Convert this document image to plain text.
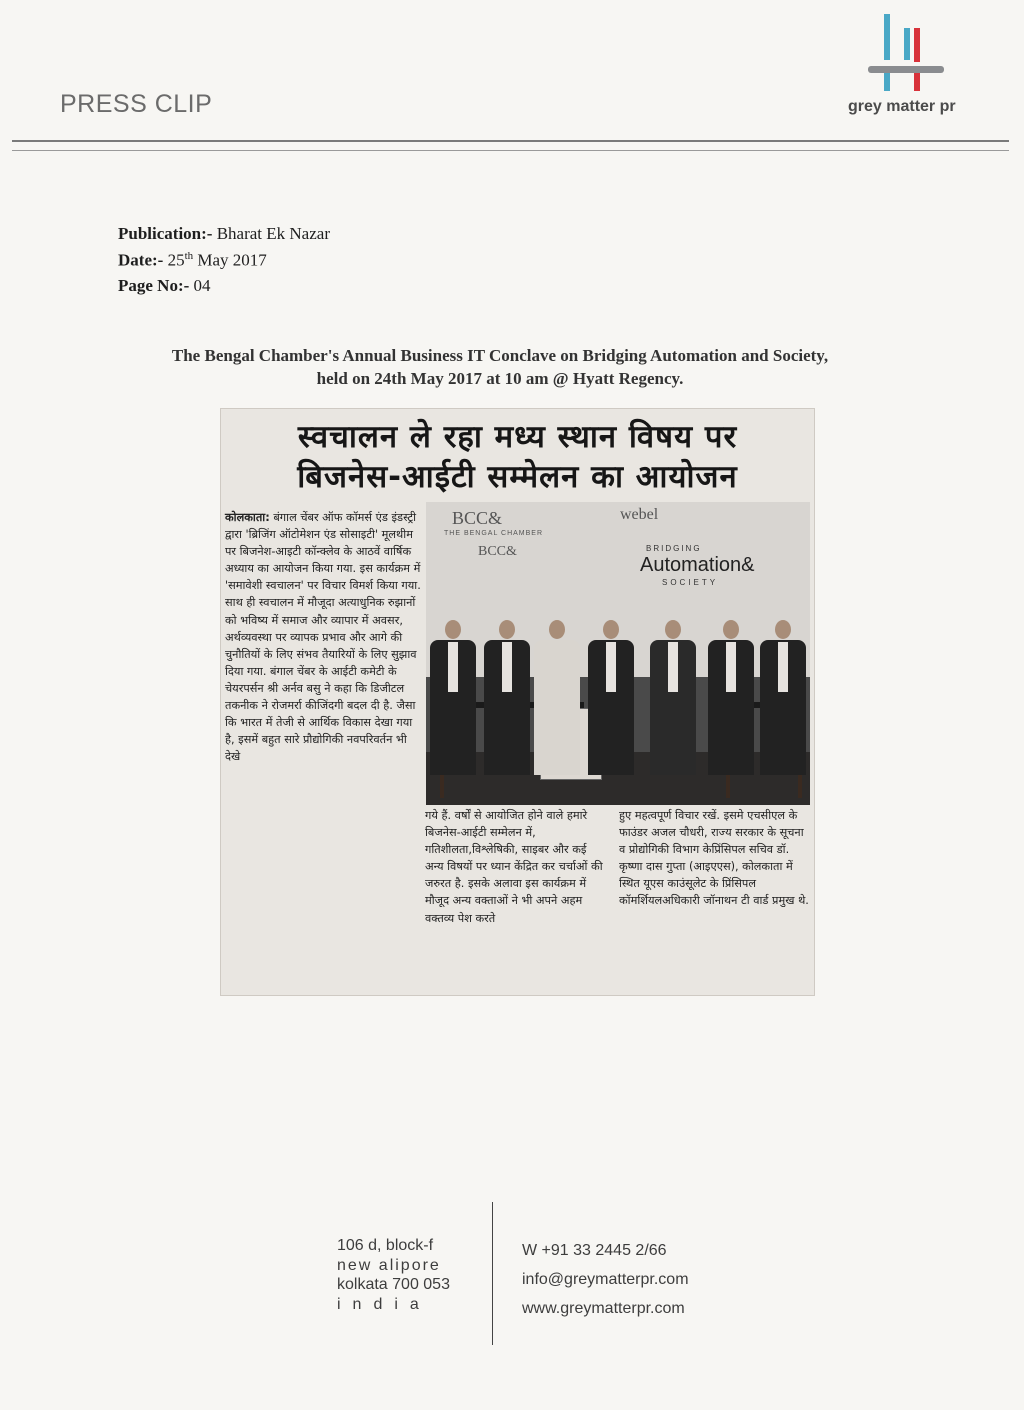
PRESS CLIP	grey matter pr
Publication:- Bharat Ek Nazar
Date:- 25th May 2017
Page No:- 04
The Bengal Chamber's Annual Business IT Conclave on Bridging Automation and Society,
held on 24th May 2017 at 10 am @ Hyatt Regency.
स्वचालन ले रहा मध्य स्थान विषय पर
बिजनेस-आईटी सम्मेलन का आयोजन
कोलकाता: बंगाल चेंबर ऑफ कॉमर्स एंड इंडस्ट्री द्वारा 'ब्रिजिंग ऑटोमेशन एंड सोसाइटी' मूलथीम पर बिजनेश-आइटी कॉन्क्लेव के आठवें वार्षिक अध्याय का आयोजन किया गया. इस कार्यक्रम में 'समावेशी स्वचालन' पर विचार विमर्श किया गया. साथ ही स्वचालन में मौजूदा अत्याधुनिक रुझानों को भविष्य में समाज और व्यापार में अवसर, अर्थव्यवस्था पर व्यापक प्रभाव और आगे की चुनौतियों के लिए संभव तैयारियों के लिए सुझाव दिया गया. बंगाल चेंबर के आईटी कमेटी के चेयरपर्सन श्री अर्नव बसु ने कहा कि डिजीटल तकनीक ने रोजमर्रा कीजिंदगी बदल दी है. जैसा कि भारत में तेजी से आर्थिक विकास देखा गया है, इसमें बहुत सारे प्रौद्योगिकी नवपरिवर्तन भी देखे
BCC&
THE BENGAL CHAMBER
BCC&
webel
BRIDGING
Automation&
SOCIETY
गये हैं. वर्षों से आयोजित होने वाले हमारे बिजनेस-आईटी सम्मेलन में, गतिशीलता,विश्लेषिकी, साइबर और कई अन्य विषयों पर ध्यान केंद्रित कर चर्चाओं की जरुरत है. इसके अलावा इस कार्यक्रम में मौजूद अन्य वक्ताओं ने भी अपने अहम वक्तव्य पेश करते
हुए महत्वपूर्ण विचार रखें. इसमे एचसीएल के फाउंडर अजल चौधरी, राज्य सरकार के सूचना व प्रोद्योगिकी विभाग केप्रिंसिपल सचिव डॉ. कृष्णा दास गुप्ता (आइएएस), कोलकाता में स्थित यूएस काउंसूलेट के प्रिंसिपल कॉमर्शियलअधिकारी जॉनाथन टी वार्ड प्रमुख थे.
106 d, block-f
new alipore
kolkata 700 053
india
W +91 33 2445 2/66
info@greymatterpr.com
www.greymatterpr.com
